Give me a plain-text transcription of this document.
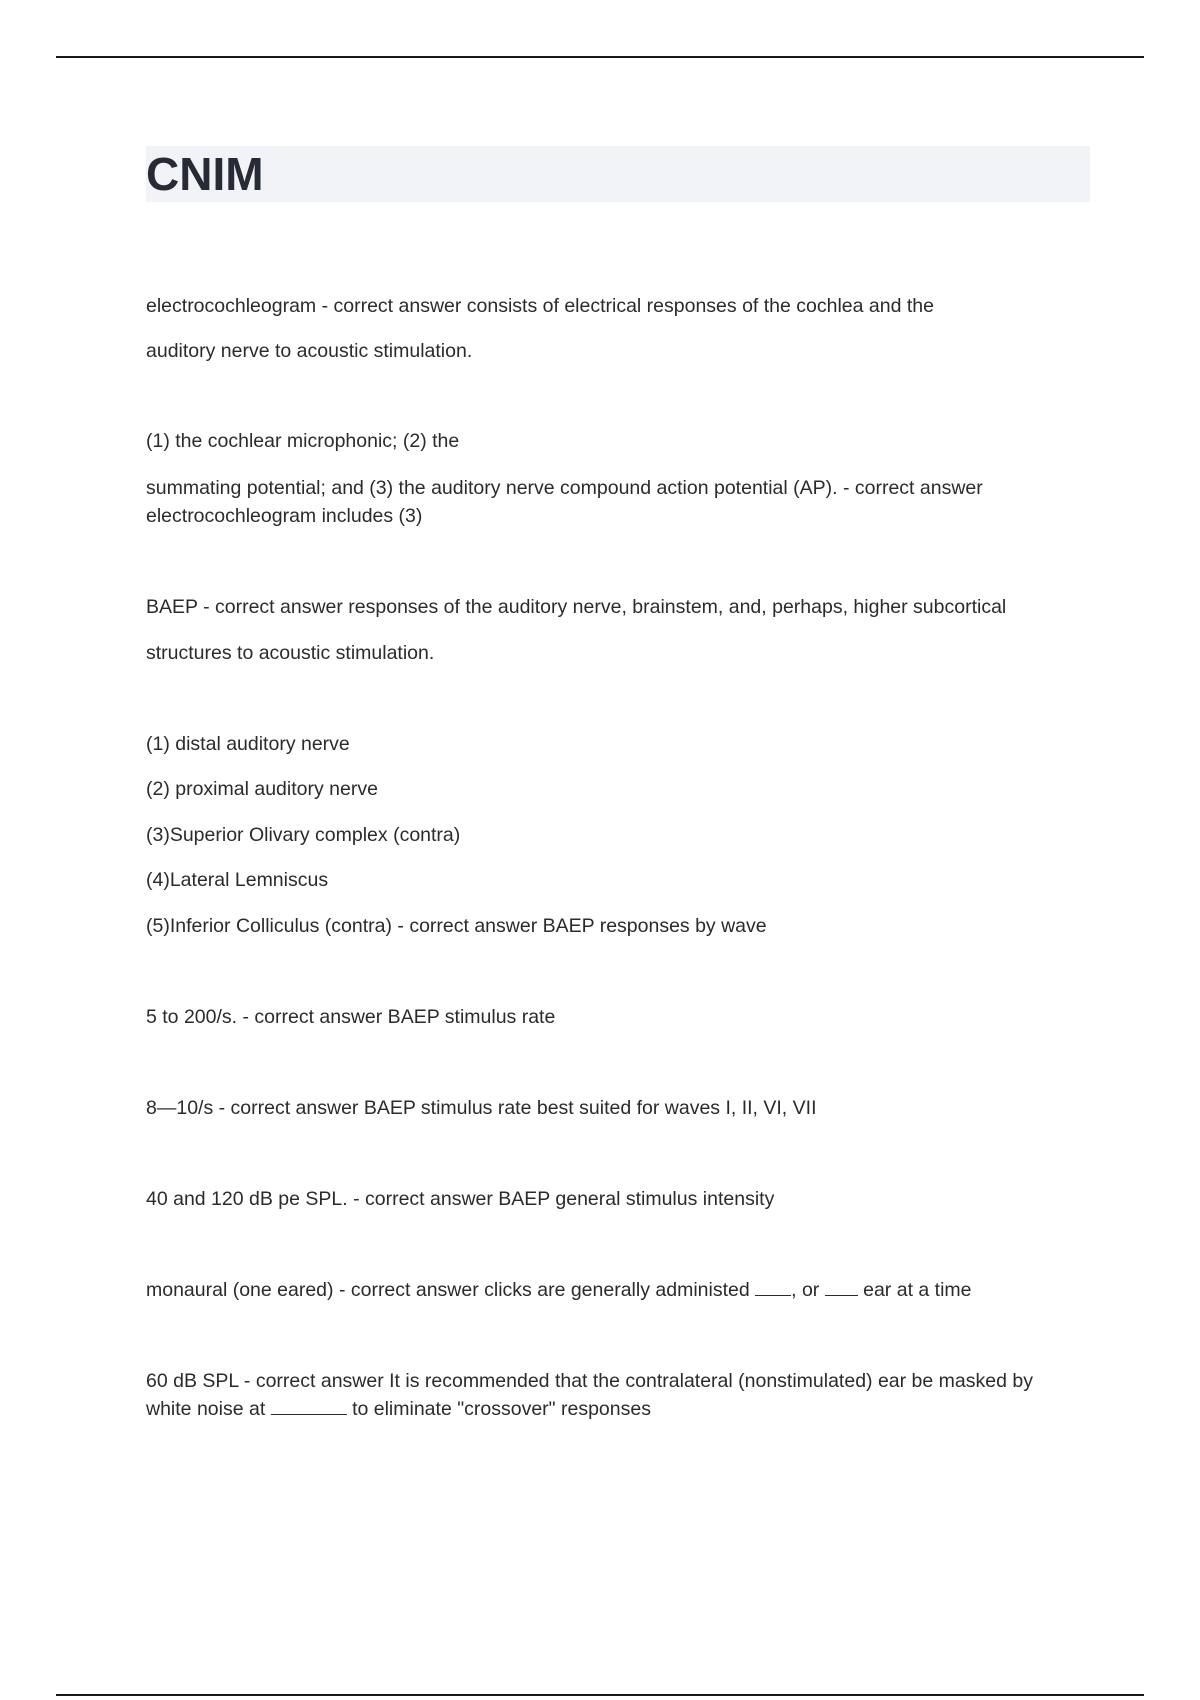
CNIM

electrocochleogram - correct answer consists of electrical responses of the cochlea and the

auditory nerve to acoustic stimulation.

(1) the cochlear microphonic; (2) the

summating potential; and (3) the auditory nerve compound action potential (AP). - correct answer

electrocochleogram includes (3)

BAEP - correct answer responses of the auditory nerve, brainstem, and, perhaps, higher subcortical

structures to acoustic stimulation.

(1) distal auditory nerve

(2) proximal auditory nerve

(3)Superior Olivary complex (contra)

(4)Lateral Lemniscus

(5)Inferior Colliculus (contra) - correct answer BAEP responses by wave

5 to 200/s. - correct answer BAEP stimulus rate

8—10/s - correct answer BAEP stimulus rate best suited for waves I, II, VI, VII

40 and 120 dB pe SPL. - correct answer BAEP general stimulus intensity

monaural (one eared) - correct answer clicks are generally administed , or  ear at a time

60 dB SPL - correct answer It is recommended that the contralateral (nonstimulated) ear be masked by

white noise at	to eliminate "crossover" responses
